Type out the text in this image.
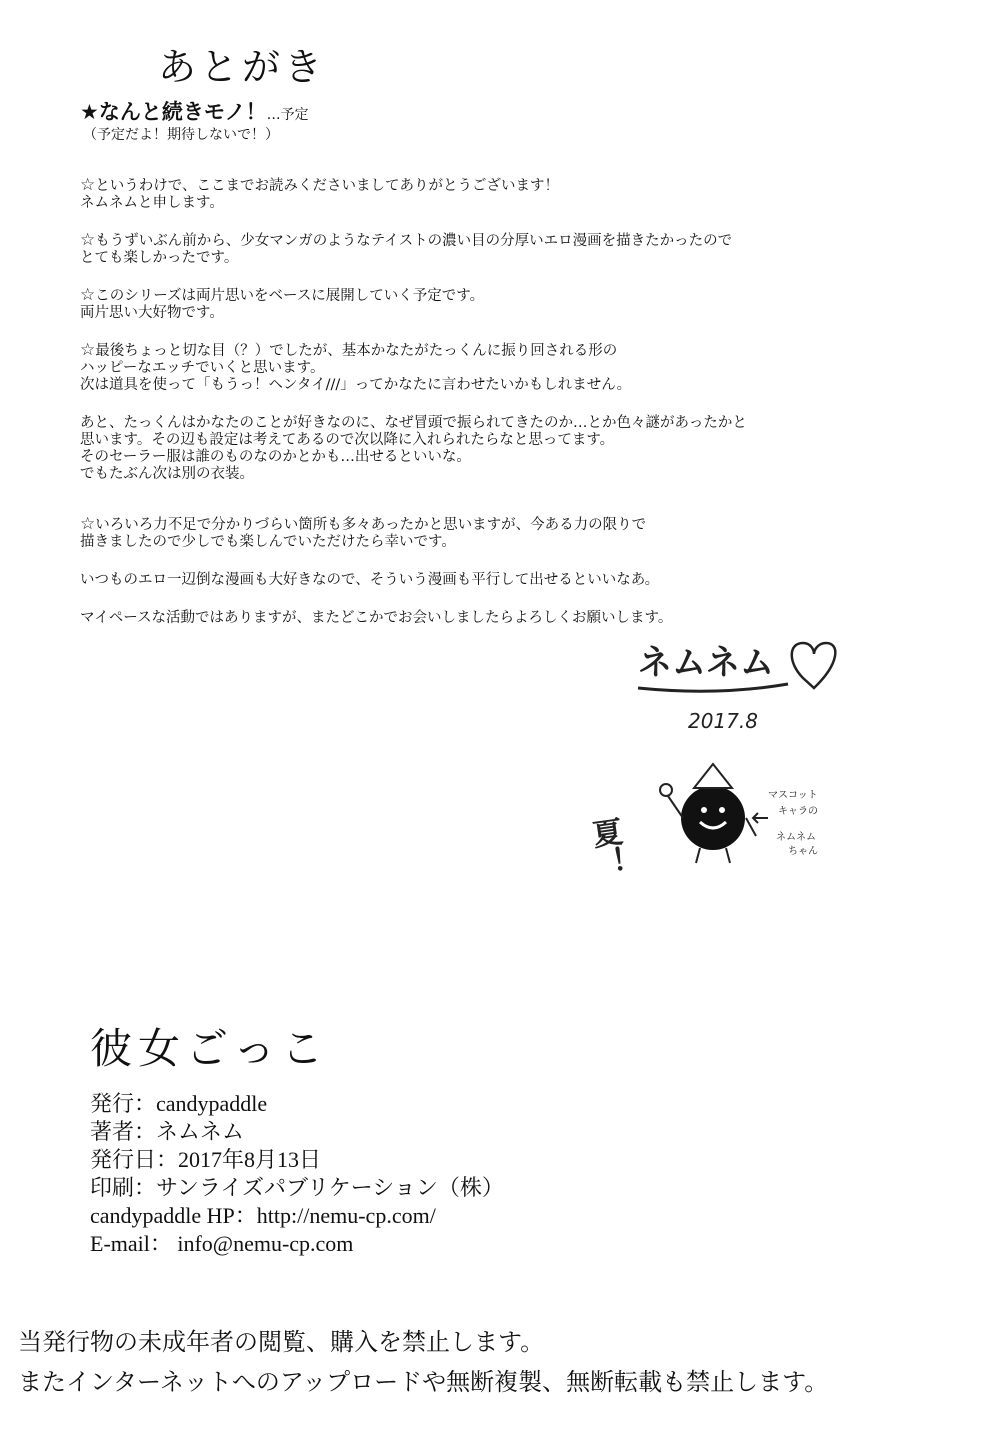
あとがき
★なんと続きモノ！…予定
（予定だよ！期待しないで！）
☆というわけで、ここまでお読みくださいましてありがとうございます！
ネムネムと申します。
☆もうずいぶん前から、少女マンガのようなテイストの濃い目の分厚いエロ漫画を描きたかったので
とても楽しかったです。
☆このシリーズは両片思いをベースに展開していく予定です。
両片思い大好物です。
☆最後ちょっと切な目（？）でしたが、基本かなたがたっくんに振り回される形の
ハッピーなエッチでいくと思います。
次は道具を使って「もうっ！ヘンタイ///」ってかなたに言わせたいかもしれません。
あと、たっくんはかなたのことが好きなのに、なぜ冒頭で振られてきたのか…とか色々謎があったかと
思います。その辺も設定は考えてあるので次以降に入れられたらなと思ってます。
そのセーラー服は誰のものなのかとかも…出せるといいな。
でもたぶん次は別の衣装。
☆いろいろ力不足で分かりづらい箇所も多々あったかと思いますが、今ある力の限りで
描きましたので少しでも楽しんでいただけたら幸いです。
いつものエロ一辺倒な漫画も大好きなので、そういう漫画も平行して出せるといいなあ。
マイペースな活動ではありますが、またどこかでお会いしましたらよろしくお願いします。
ネムネム
2017.8
夏！
マスコット
キャラの
ネムネム
ちゃん
彼女ごっこ
発行：candypaddle
著者：ネムネム
発行日：2017年8月13日
印刷：サンライズパブリケーション（株）
candypaddle HP：http://nemu-cp.com/
E-mail： info@nemu-cp.com
当発行物の未成年者の閲覧、購入を禁止します。
またインターネットへのアップロードや無断複製、無断転載も禁止します。
